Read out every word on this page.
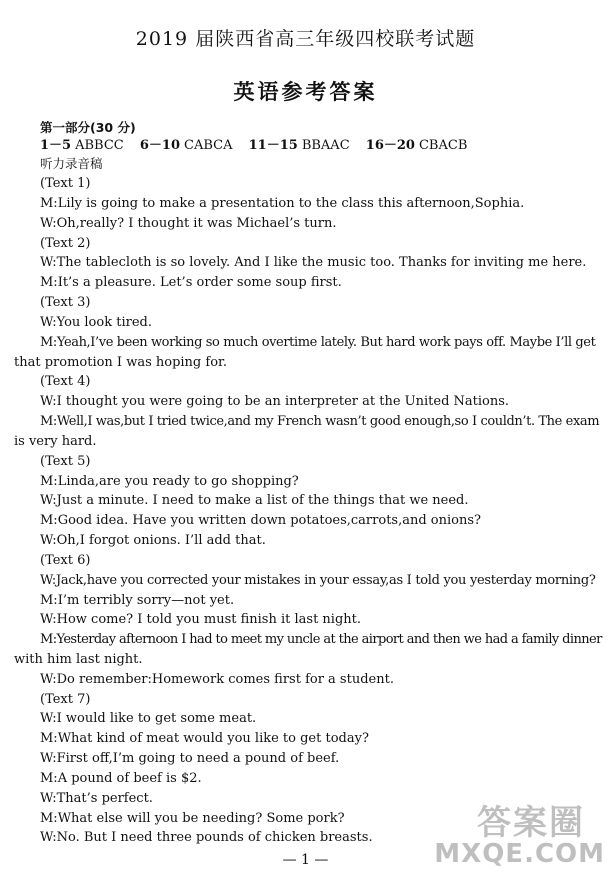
2019 届陕西省高三年级四校联考试题
英语参考答案
第一部分(30 分)
1－5 ABBCC 6－10 CABCA 11－15 BBAAC 16－20 CBACB
听力录音稿
(Text 1)
M:Lily is going to make a presentation to the class this afternoon,Sophia.
W:Oh,really? I thought it was Michael’s turn.
(Text 2)
W:The tablecloth is so lovely. And I like the music too. Thanks for inviting me here.
M:It’s a pleasure. Let’s order some soup first.
(Text 3)
W:You look tired.
M:Yeah,I’ve been working so much overtime lately. But hard work pays off. Maybe I’ll get
that promotion I was hoping for.
(Text 4)
W:I thought you were going to be an interpreter at the United Nations.
M:Well,I was,but I tried twice,and my French wasn’t good enough,so I couldn’t. The exam
is very hard.
(Text 5)
M:Linda,are you ready to go shopping?
W:Just a minute. I need to make a list of the things that we need.
M:Good idea. Have you written down potatoes,carrots,and onions?
W:Oh,I forgot onions. I’ll add that.
(Text 6)
W:Jack,have you corrected your mistakes in your essay,as I told you yesterday morning?
M:I’m terribly sorry—not yet.
W:How come? I told you must finish it last night.
M:Yesterday afternoon I had to meet my uncle at the airport and then we had a family dinner
with him last night.
W:Do remember:Homework comes first for a student.
(Text 7)
W:I would like to get some meat.
M:What kind of meat would you like to get today?
W:First off,I’m going to need a pound of beef.
M:A pound of beef is $2.
W:That’s perfect.
M:What else will you be needing? Some pork?
W:No. But I need three pounds of chicken breasts.
— 1 —
答案圈
MXQE.COM
